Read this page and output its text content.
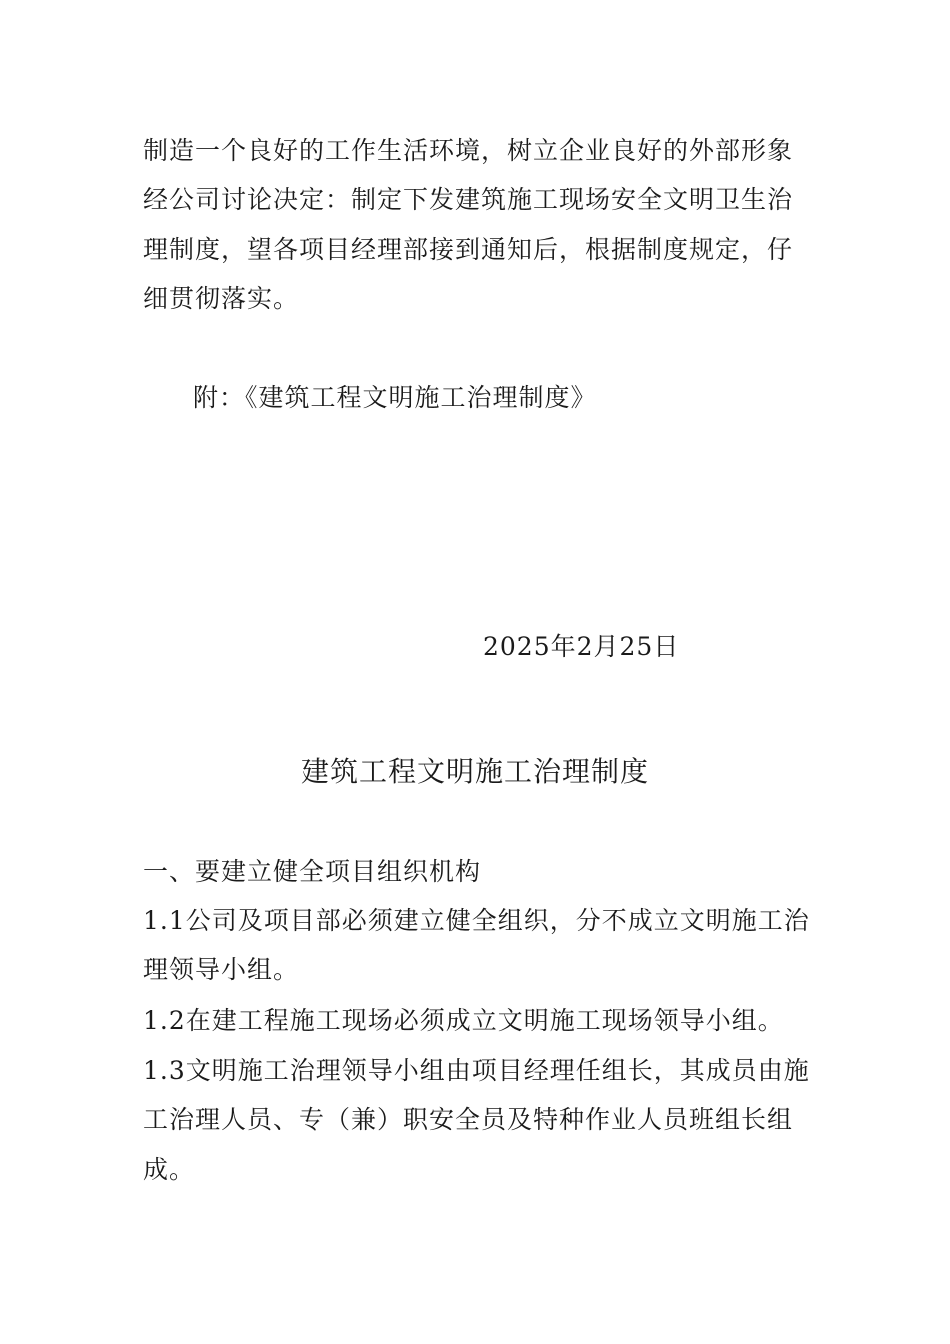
制造一个良好的工作生活环境，树立企业良好的外部形象
经公司讨论决定：制定下发建筑施工现场安全文明卫生治
理制度，望各项目经理部接到通知后，根据制度规定，仔
细贯彻落实。
附：《建筑工程文明施工治理制度》
2025年2月25日
建筑工程文明施工治理制度
一、要建立健全项目组织机构
1.1公司及项目部必须建立健全组织，分不成立文明施工治
理领导小组。
1.2在建工程施工现场必须成立文明施工现场领导小组。
1.3文明施工治理领导小组由项目经理任组长，其成员由施
工治理人员、专（兼）职安全员及特种作业人员班组长组
成。
